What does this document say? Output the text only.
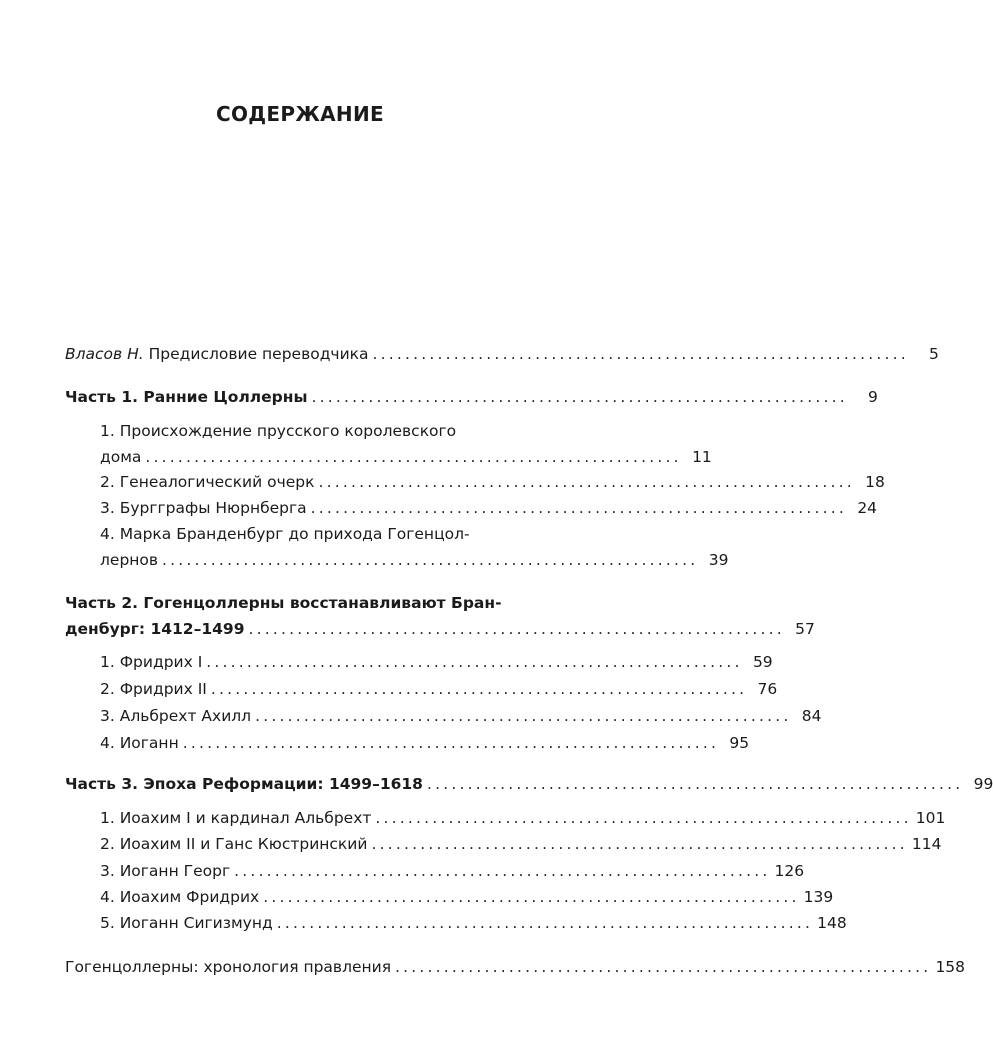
СОДЕРЖАНИЕ
Власов Н. Предисловие переводчика ..................................................................	5
Часть 1. Ранние Цоллерны ..................................................................	9
1. Происхождение прусского королевского
дома .................................................................. 11
2. Генеалогический очерк .................................................................. 18
3. Бургграфы Нюрнберга .................................................................. 24
4. Марка Бранденбург до прихода Гогенцол-
лернов .................................................................. 39
Часть 2. Гогенцоллерны восстанавливают Бран-
денбург: 1412–1499 .................................................................. 57
1. Фридрих I .................................................................. 59
2. Фридрих II .................................................................. 76
3. Альбрехт Ахилл .................................................................. 84
4. Иоганн .................................................................. 95
Часть 3. Эпоха Реформации: 1499–1618 .................................................................. 99
1. Иоахим I и кардинал Альбрехт .................................................................. 101
2. Иоахим II и Ганс Кюстринский .................................................................. 114
3. Иоганн Георг .................................................................. 126
4. Иоахим Фридрих .................................................................. 139
5. Иоганн Сигизмунд .................................................................. 148
Гогенцоллерны: хронология правления .................................................................. 158
